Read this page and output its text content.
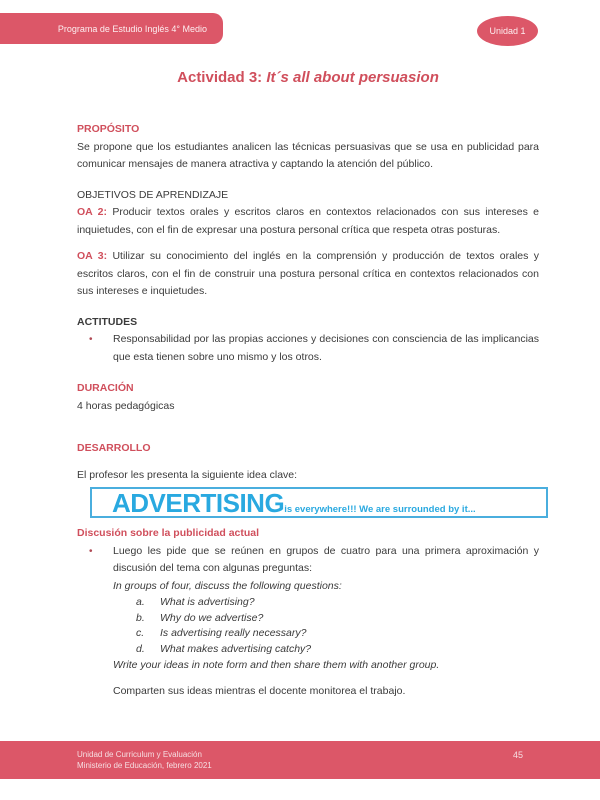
Programa de Estudio Inglés 4° Medio	Unidad 1
Actividad 3: It´s all about persuasion
PROPÓSITO

Se propone que los estudiantes analicen las técnicas persuasivas que se usa en publicidad para comunicar mensajes de manera atractiva y captando la atención del público.

OBJETIVOS DE APRENDIZAJE

OA 2: Producir textos orales y escritos claros en contextos relacionados con sus intereses e inquietudes, con el fin de expresar una postura personal crítica que respeta otras posturas.

OA 3: Utilizar su conocimiento del inglés en la comprensión y producción de textos orales y escritos claros, con el fin de construir una postura personal crítica en contextos relacionados con sus intereses e inquietudes.

ACTITUDES
•	Responsabilidad por las propias acciones y decisiones con consciencia de las implicancias que esta tienen sobre uno mismo y los otros.
DURACIÓN
4 horas pedagógicas
DESARROLLO
El profesor les presenta la siguiente idea clave:
ADVERTISING is everywhere!!! We are surrounded by it...
Discusión sobre la publicidad actual
•	Luego les pide que se reúnen en grupos de cuatro para una primera aproximación y discusión del tema con algunas preguntas:
In groups of four, discuss the following questions:
a.	What is advertising?
b.	Why do we advertise?
c.	Is advertising really necessary?
d.	What makes advertising catchy?
Write your ideas in note form and then share them with another group.
Comparten sus ideas mientras el docente monitorea el trabajo.
Unidad de Curriculum y Evaluación
Ministerio de Educación, febrero 2021
45
